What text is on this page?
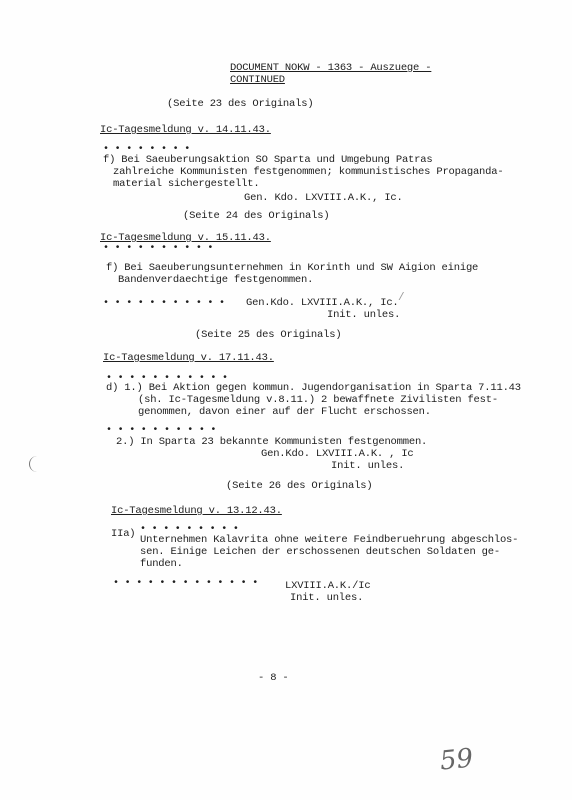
DOCUMENT NOKW - 1363 - Auszuege -
CONTINUED
(Seite 23 des Originals)
Ic-Tagesmeldung v. 14.11.43.
• • • • • • • •
f) Bei Saeuberungsaktion SO Sparta und Umgebung Patras
zahlreiche Kommunisten festgenommen; kommunistisches Propaganda-
material sichergestellt.
Gen. Kdo. LXVIII.A.K., Ic.
(Seite 24 des Originals)
Ic-Tagesmeldung v. 15.11.43.
• • • • • • • • • •
f) Bei Saeuberungsunternehmen in Korinth und SW Aigion einige
Bandenverdaechtige festgenommen.
/
• • • • • • • • • • • Gen.Kdo. LXVIII.A.K., Ic.
Init. unles.
(Seite 25 des Originals)
Ic-Tagesmeldung v. 17.11.43.
• • • • • • • • • • •
d) 1.) Bei Aktion gegen kommun. Jugendorganisation in Sparta 7.11.43
(sh. Ic-Tagesmeldung v.8.11.) 2 bewaffnete Zivilisten fest-
genommen, davon einer auf der Flucht erschossen.
• • • • • • • • • •
2.) In Sparta 23 bekannte Kommunisten festgenommen.
Gen.Kdo. LXVIII.A.K. , Ic
Init. unles.
(Seite 26 des Originals)
Ic-Tagesmeldung v. 13.12.43.
IIa) • • • • • • • • •
Unternehmen Kalavrita ohne weitere Feindberuehrung abgeschlos-
sen. Einige Leichen der erschossenen deutschen Soldaten ge-
funden.
• • • • • • • • • • • • •	LXVIII.A.K./Ic
Init. unles.
- 8 -
59
